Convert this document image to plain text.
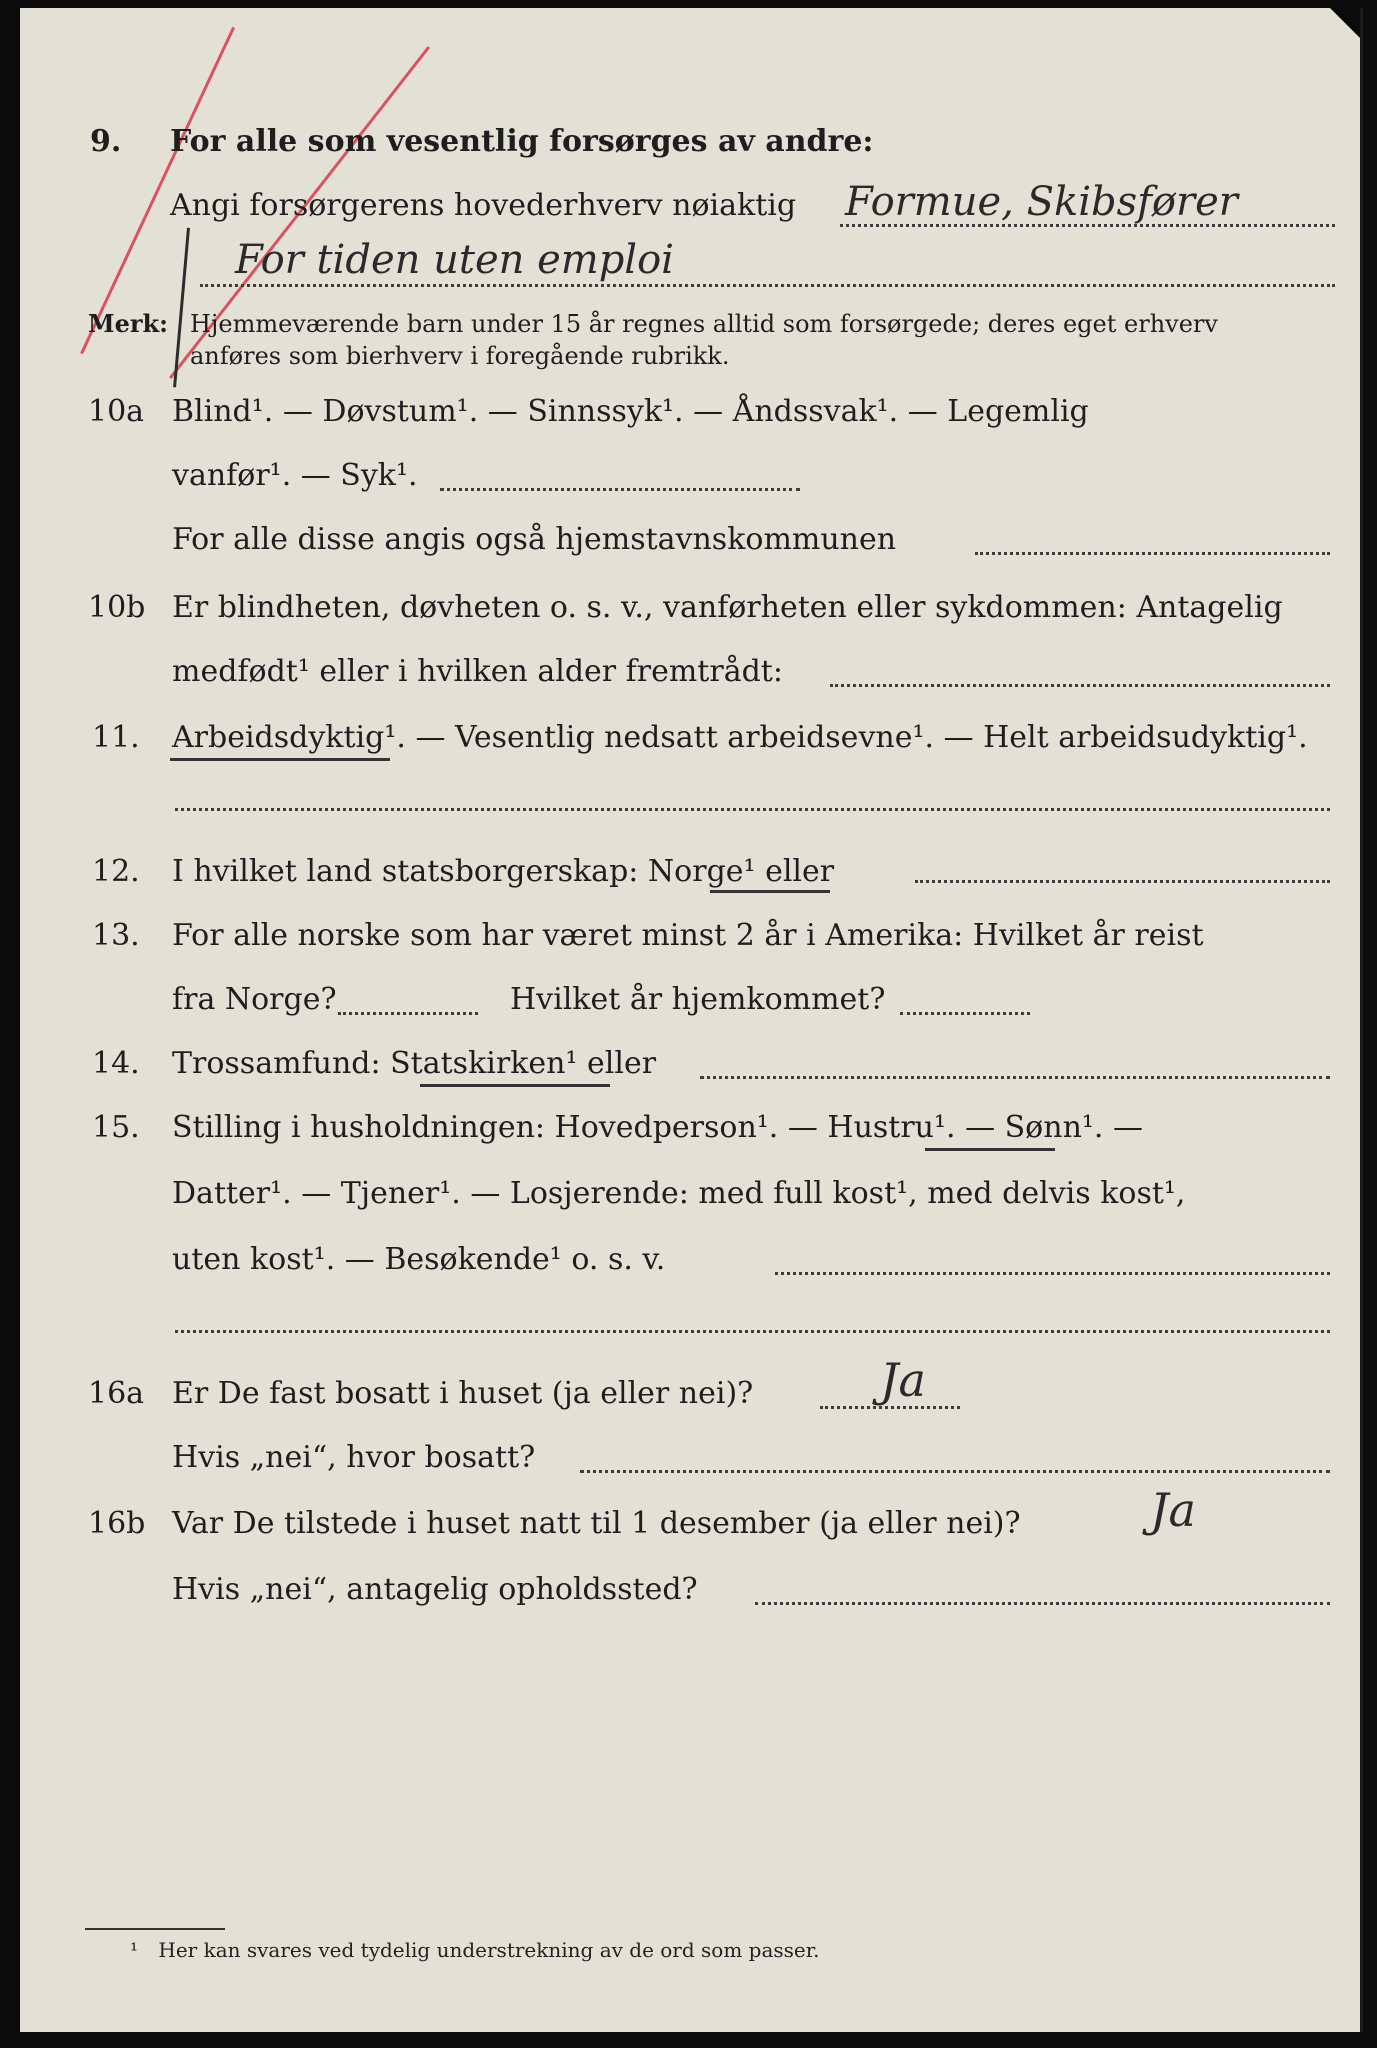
9. For alle som vesentlig forsørges av andre:
Angi forsørgerens hovederhverv nøiaktig Formue, Skibsfører
For tiden uten emploi
Merk: Hjemmeværende barn under 15 år regnes alltid som forsørgede; deres eget erhverv
anføres som bierhverv i foregående rubrikk.
10a Blind¹. — Døvstum¹. — Sinnssyk¹. — Åndssvak¹. — Legemlig
vanfør¹. — Syk¹.
For alle disse angis også hjemstavnskommunen
10b Er blindheten, døvheten o. s. v., vanførheten eller sykdommen: Antagelig
medfødt¹ eller i hvilken alder fremtrådt:
11. Arbeidsdyktig¹. — Vesentlig nedsatt arbeidsevne¹. — Helt arbeidsudyktig¹.
12. I hvilket land statsborgerskap: Norge¹ eller
13. For alle norske som har været minst 2 år i Amerika: Hvilket år reist
fra Norge?	Hvilket år hjemkommet?
14. Trossamfund: Statskirken¹ eller
15. Stilling i husholdningen: Hovedperson¹. — Hustru¹. — Sønn¹. —
Datter¹. — Tjener¹. — Losjerende: med full kost¹, med delvis kost¹,
uten kost¹. — Besøkende¹ o. s. v.
16a Er De fast bosatt i huset (ja eller nei)?	Ja
Hvis „nei“, hvor bosatt?
16b Var De tilstede i huset natt til 1 desember (ja eller nei)?	Ja
Hvis „nei“, antagelig opholdssted?
¹ Her kan svares ved tydelig understrekning av de ord som passer.
